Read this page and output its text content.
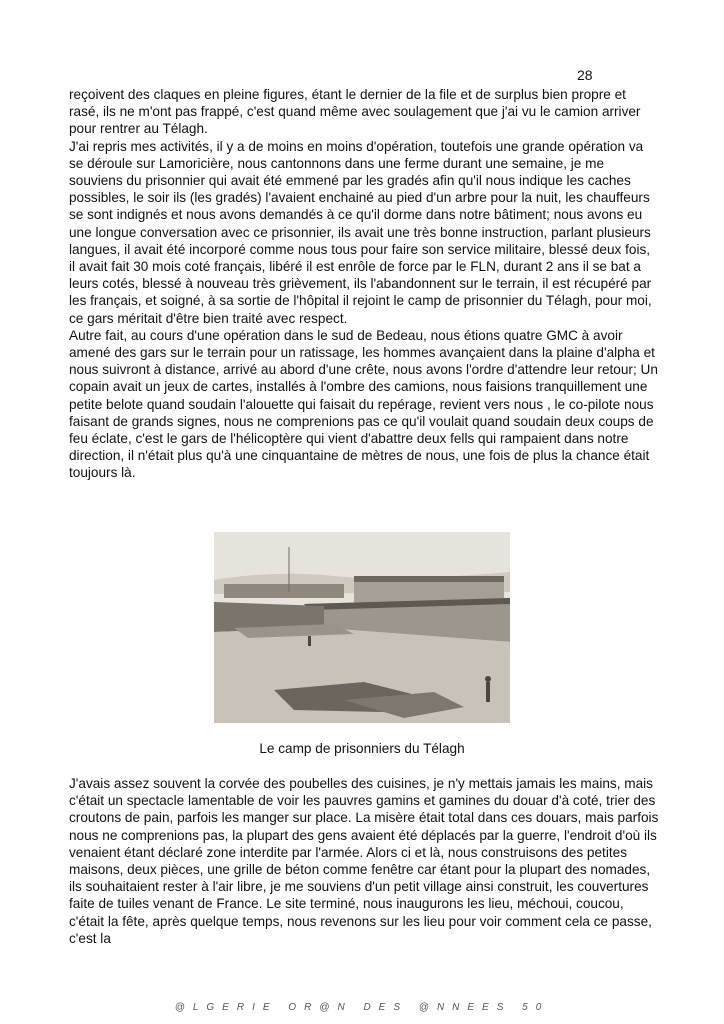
28

reçoivent des claques en pleine figures, étant le dernier de la file et de surplus bien propre et rasé, ils ne m'ont pas frappé, c'est quand même avec soulagement que j'ai vu le camion arriver pour rentrer au Télagh.

J'ai repris mes activités, il y a de moins en moins d'opération, toutefois une grande opération va se déroule sur Lamoricière, nous cantonnons dans une ferme durant une semaine, je me souviens du prisonnier qui avait été emmené par les gradés afin qu'il nous indique les caches possibles, le soir ils (les gradés) l'avaient enchainé au pied d'un arbre pour la nuit, les chauffeurs se sont indignés et nous avons demandés à ce qu'il dorme dans notre bâtiment; nous avons eu une longue conversation avec ce prisonnier, ils avait une très bonne instruction, parlant plusieurs langues, il avait été incorporé comme nous tous pour faire son service militaire, blessé deux fois, il avait fait 30 mois coté français, libéré il est enrôle de force par le FLN, durant 2 ans il se bat a leurs cotés, blessé à nouveau très grièvement, ils l'abandonnent sur le terrain, il est récupéré par les français, et soigné, à sa sortie de l'hôpital il rejoint le camp de prisonnier du Télagh, pour moi, ce gars méritait d'être bien traité avec respect.

Autre fait, au cours d'une opération dans le sud de Bedeau, nous étions quatre GMC à avoir amené des gars sur le terrain pour un ratissage, les hommes avançaient dans la plaine d'alpha et nous suivront à distance, arrivé au abord d'une crête, nous avons l'ordre d'attendre leur retour; Un copain avait un jeux de cartes, installés à l'ombre des camions, nous faisions tranquillement une petite belote quand soudain l'alouette qui faisait du repérage, revient vers nous , le co-pilote nous faisant de grands signes, nous ne comprenions pas ce qu'il voulait quand soudain deux coups de feu éclate, c'est le gars de l'hélicoptère qui vient d'abattre deux fells qui rampaient dans notre direction, il n'était plus qu'à une cinquantaine de mètres de nous, une fois de plus la chance était toujours là.

Le camp de prisonniers du Télagh

J'avais assez souvent la corvée des poubelles des cuisines, je n'y mettais jamais les mains, mais c'était un spectacle lamentable de voir les pauvres gamins et gamines du douar d'à coté, trier des croutons de pain, parfois les manger sur place. La misère était total dans ces douars, mais parfois nous ne comprenions pas, la plupart des gens avaient été déplacés par la guerre, l'endroit d'où ils venaient étant déclaré zone interdite par l'armée. Alors ci et là, nous construisons des petites maisons, deux pièces, une grille de béton comme fenêtre car étant pour la plupart des nomades, ils souhaitaient rester à l'air libre, je me souviens d'un petit village ainsi construit, les couvertures faite de tuiles venant de France. Le site terminé, nous inaugurons les lieu, méchoui, coucou, c'était la fête, après quelque temps, nous revenons sur les lieu pour voir comment cela ce passe, c'est la

@LGERIE OR@N DES @NNEES 50
